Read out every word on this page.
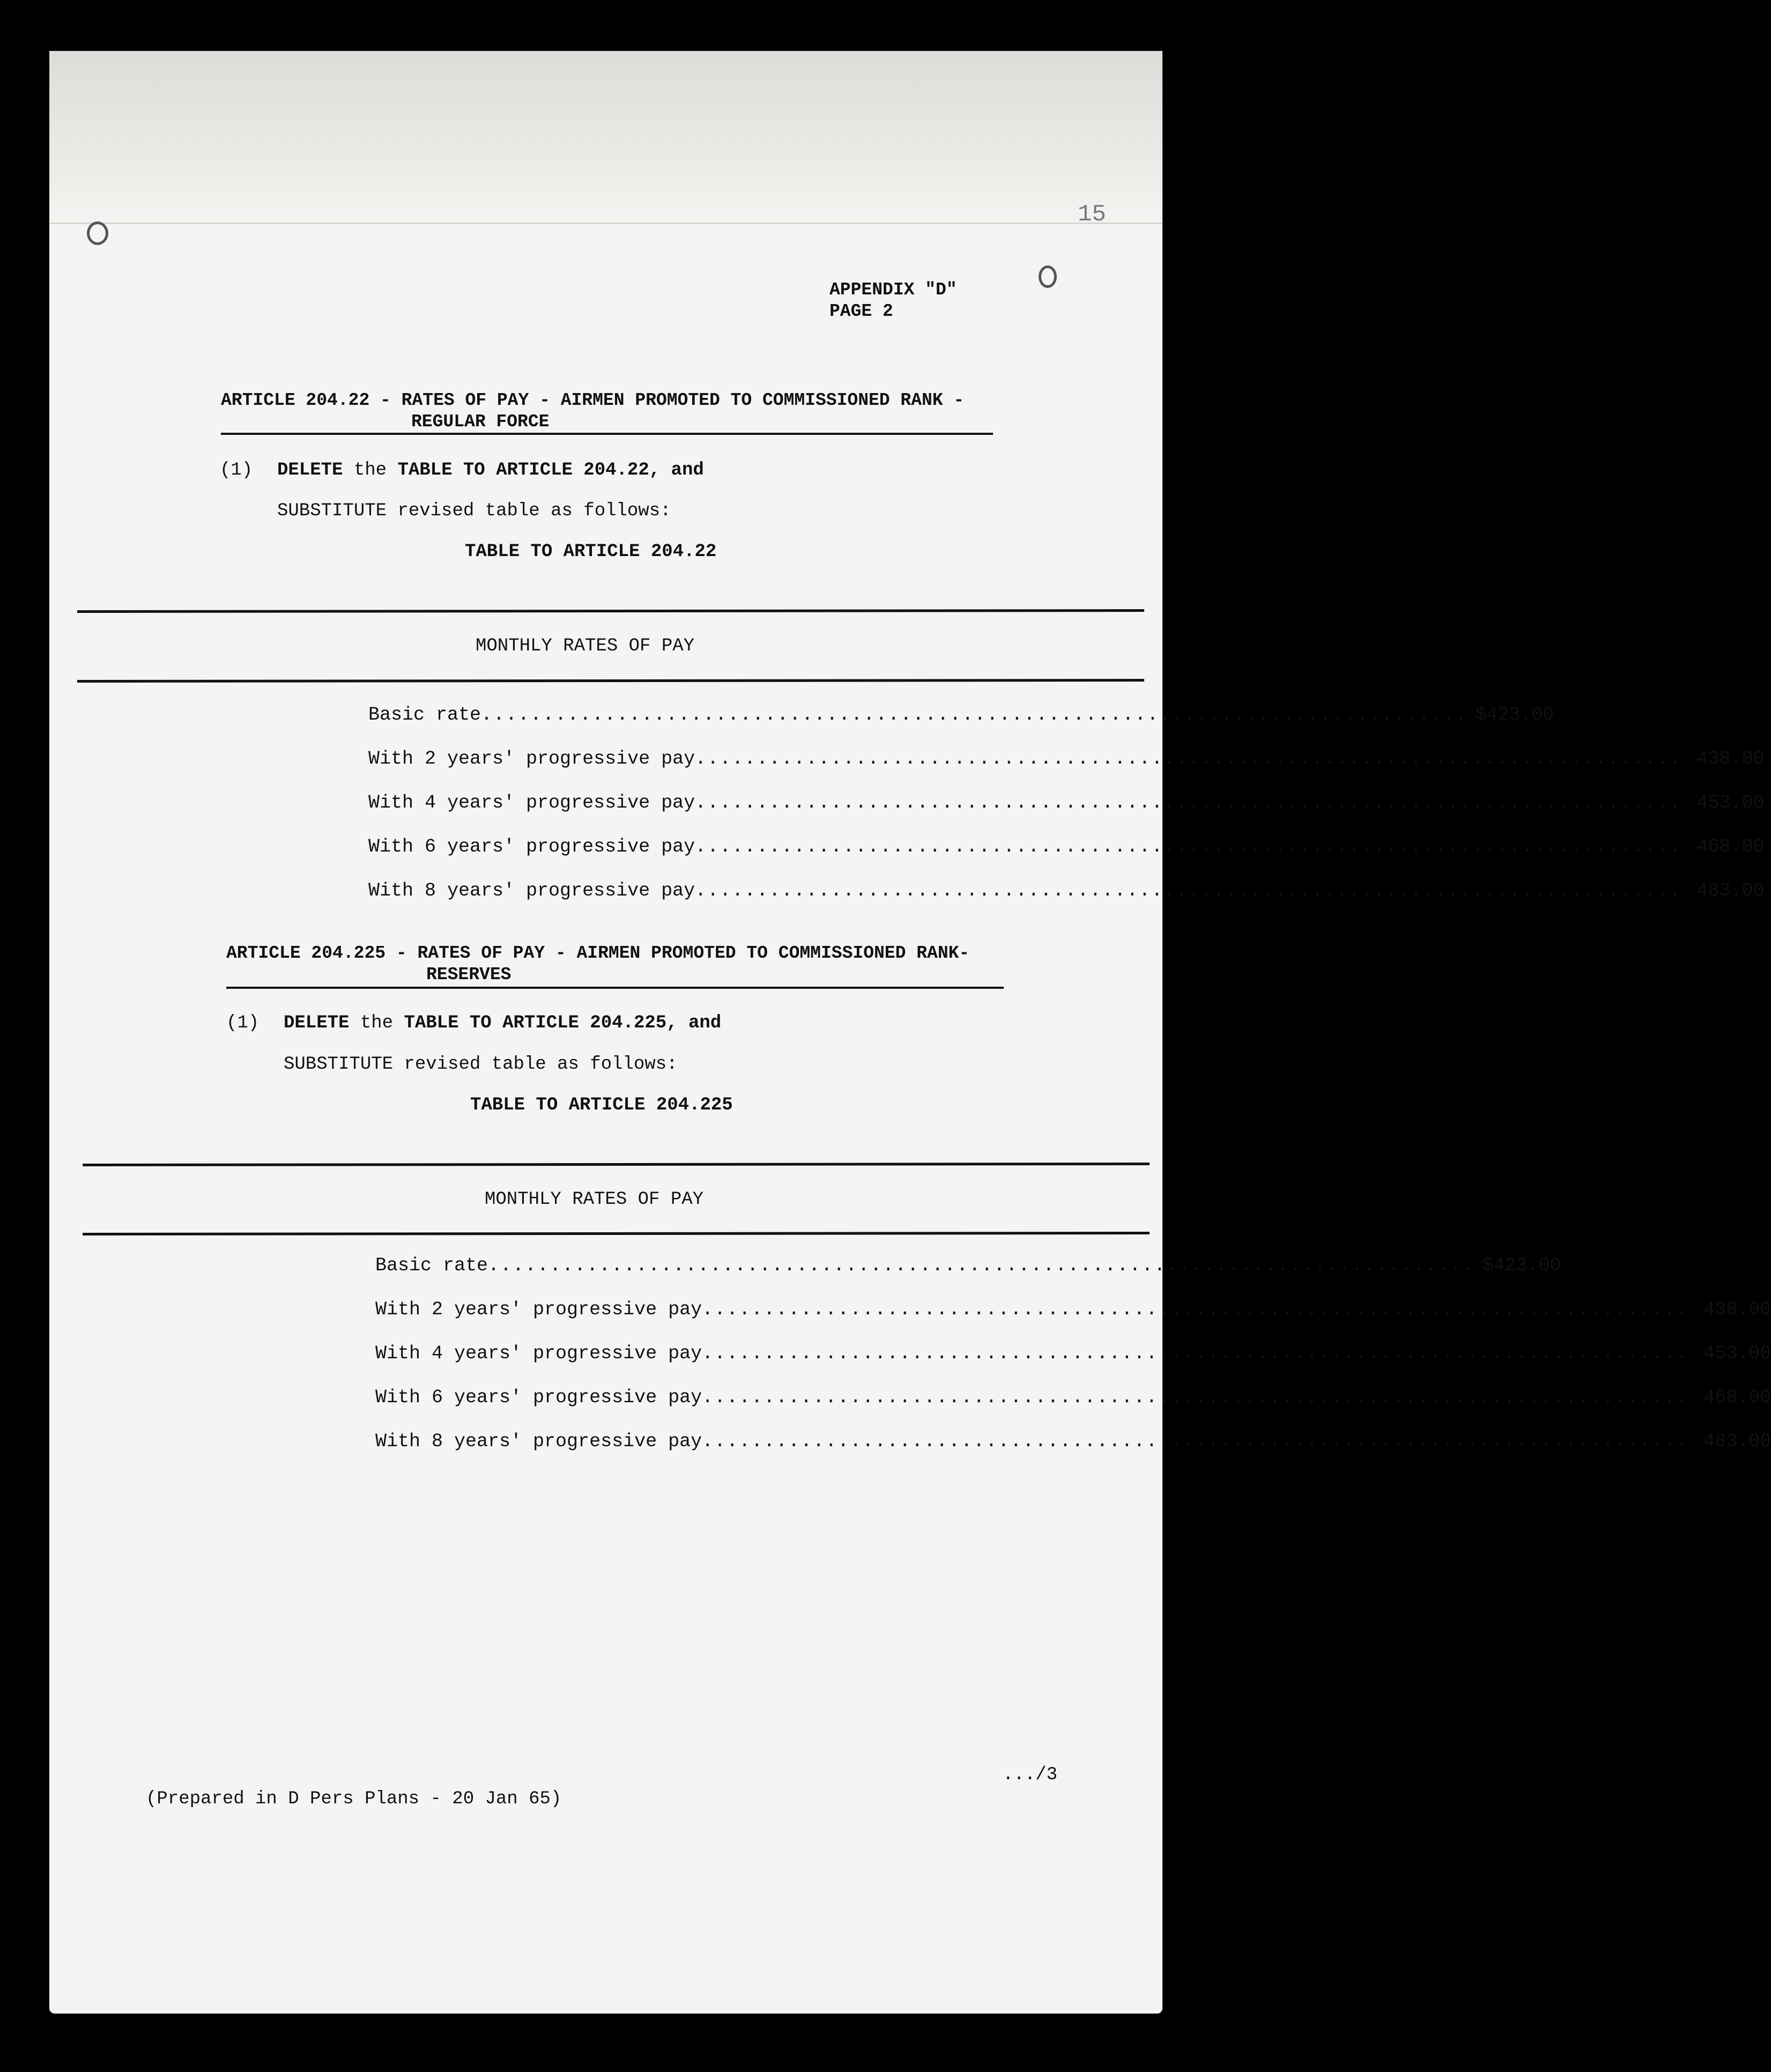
15
APPENDIX "D"
PAGE 2
ARTICLE 204.22 - RATES OF PAY - AIRMEN PROMOTED TO COMMISSIONED RANK -
REGULAR FORCE
(1) DELETE the TABLE TO ARTICLE 204.22, and
SUBSTITUTE revised table as follows:
TABLE TO ARTICLE 204.22
MONTHLY RATES OF PAY
Basic rate ................................................................................ $423.00
With 2 years' progressive pay ................................................................................ 438.00
With 4 years' progressive pay ................................................................................ 453.00
With 6 years' progressive pay ................................................................................ 468.00
With 8 years' progressive pay ................................................................................ 483.00
ARTICLE 204.225 - RATES OF PAY - AIRMEN PROMOTED TO COMMISSIONED RANK-
RESERVES
(1) DELETE the TABLE TO ARTICLE 204.225, and
SUBSTITUTE revised table as follows:
TABLE TO ARTICLE 204.225
MONTHLY RATES OF PAY
Basic rate ................................................................................ $423.00
With 2 years' progressive pay ................................................................................ 438.00
With 4 years' progressive pay ................................................................................ 453.00
With 6 years' progressive pay ................................................................................ 468.00
With 8 years' progressive pay ................................................................................ 483.00
(Prepared in D Pers Plans - 20 Jan 65)
.../3
